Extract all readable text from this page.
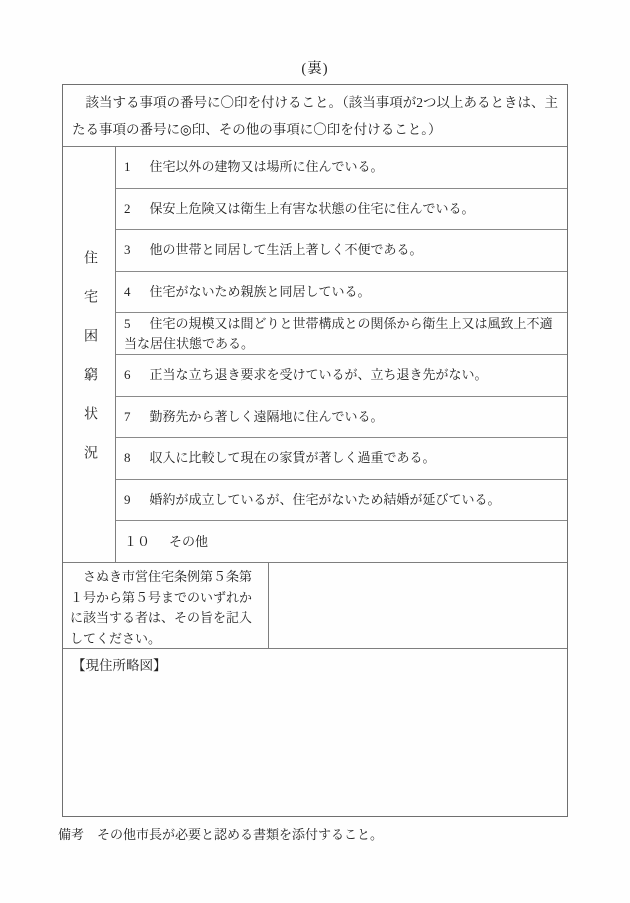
(裏)
該当する事項の番号に〇印を付けること。（該当事項が2つ以上あるときは、主たる事項の番号に◎印、その他の事項に〇印を付けること。）
住宅困窮状況
1 住宅以外の建物又は場所に住んでいる。
2 保安上危険又は衛生上有害な状態の住宅に住んでいる。
3 他の世帯と同居して生活上著しく不便である。
4 住宅がないため親族と同居している。
5 住宅の規模又は間どりと世帯構成との関係から衛生上又は風致上不適当な居住状態である。
6 正当な立ち退き要求を受けているが、立ち退き先がない。
7 勤務先から著しく遠隔地に住んでいる。
8 収入に比較して現在の家賃が著しく過重である。
9 婚約が成立しているが、住宅がないため結婚が延びている。
１０ その他
さぬき市営住宅条例第５条第１号から第５号までのいずれかに該当する者は、その旨を記入してください。
【現住所略図】
備考　その他市長が必要と認める書類を添付すること。
